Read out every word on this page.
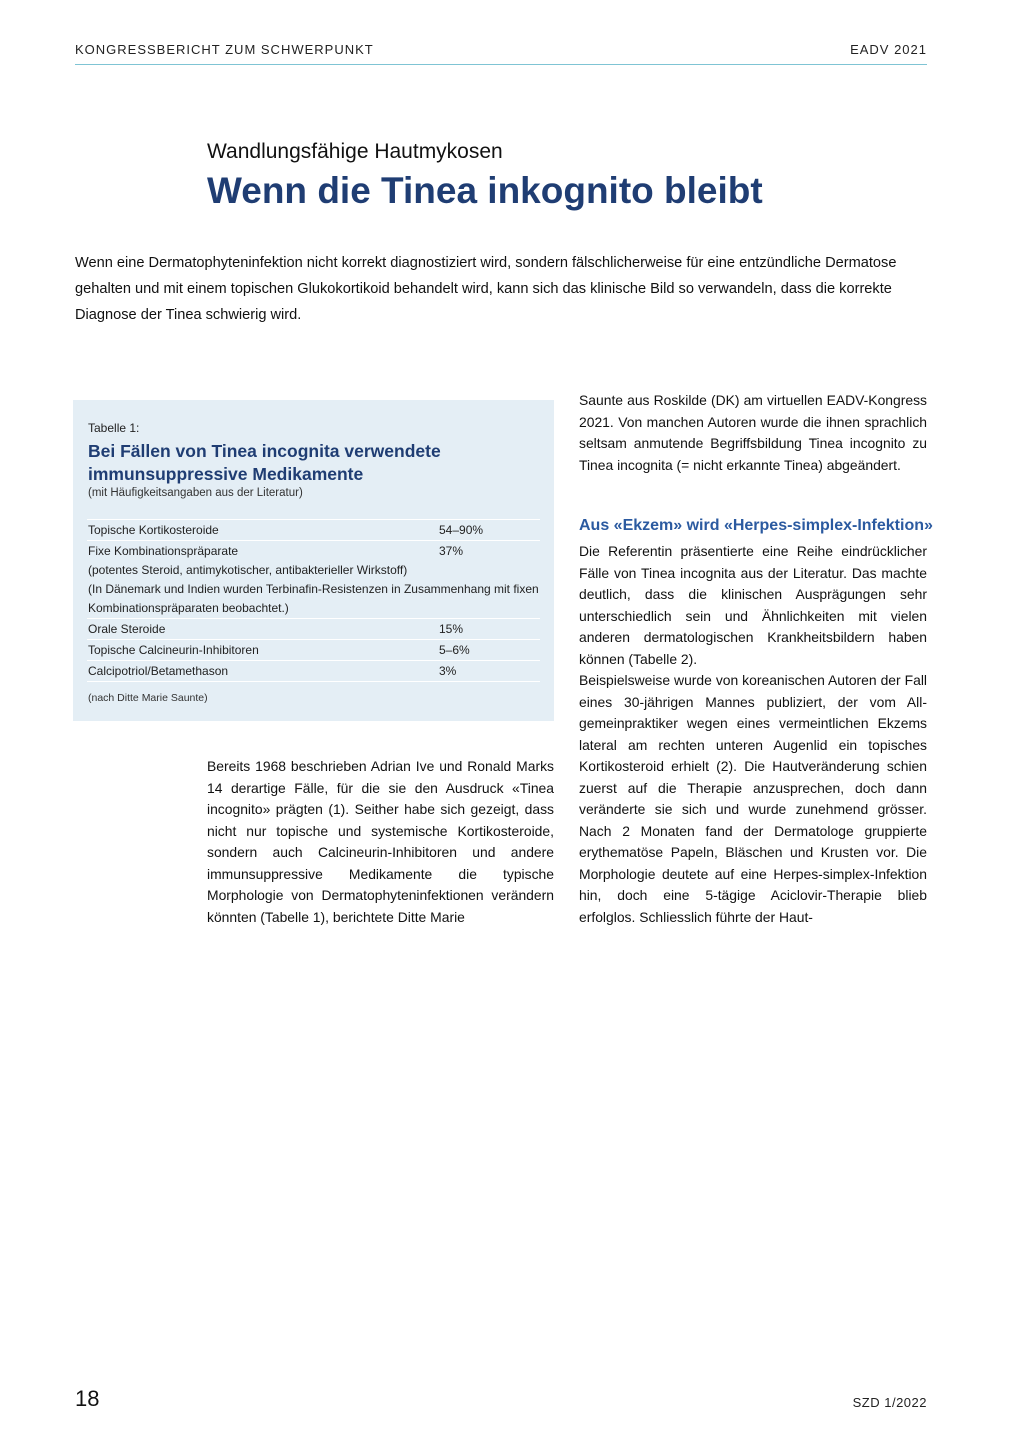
KONGRESSBERICHT ZUM SCHWERPUNKT	EADV 2021
Wandlungsfähige Hautmykosen
Wenn die Tinea inkognito bleibt
Wenn eine Dermatophyteninfektion nicht korrekt diagnostiziert wird, sondern fälschlicherweise für eine entzündliche Dermatose gehalten und mit einem topischen Glukokortikoid behandelt wird, kann sich das klinische Bild so verwandeln, dass die korrekte Diagnose der Tinea schwierig wird.
Tabelle 1:
Bei Fällen von Tinea incognita verwendete immunsuppressive Medikamente
(mit Häufigkeitsangaben aus der Literatur)
Topische Kortikosteroide	54–90%
Fixe Kombinationspräparate	37%
(potentes Steroid, antimykotischer, antibakterieller Wirkstoff)
(In Dänemark und Indien wurden Terbinafin-Resistenzen in Zusammenhang mit fixen Kombinationspräparaten beobachtet.)
Orale Steroide	15%
Topische Calcineurin-Inhibitoren	5–6%
Calcipotriol/Betamethason	3%
(nach Ditte Marie Saunte)

Bereits 1968 beschrieben Adrian Ive und Ronald Marks 14 derartige Fälle, für die sie den Ausdruck «Tinea incognito» prägten (1). Seither habe sich gezeigt, dass nicht nur topische und systemische Kortikosteroide, sondern auch Calcineurin-Inhibitoren und andere immunsuppressive Medikamente die typische Morphologie von Dermatophyteninfektionen verändern könnten (Tabelle 1), berichtete Ditte Marie

Saunte aus Roskilde (DK) am virtuellen EADV-Kongress 2021. Von manchen Autoren wurde die ihnen sprachlich seltsam anmutende Begriffsbildung Tinea incognito zu Tinea incognita (= nicht erkannte Tinea) abgeändert.

Aus «Ekzem» wird «Herpes-simplex-Infektion»

Die Referentin präsentierte eine Reihe eindrücklicher Fälle von Tinea incognita aus der Literatur. Das machte deutlich, dass die klinischen Ausprägungen sehr unterschiedlich sein und Ähnlichkeiten mit vielen anderen dermatologischen Krankheitsbildern haben können (Tabelle 2).

Beispielsweise wurde von koreanischen Autoren der Fall eines 30-jährigen Mannes publiziert, der vom Allgemeinpraktiker wegen eines vermeintlichen Ekzems lateral am rechten unteren Augenlid ein topisches Kortikosteroid erhielt (2). Die Hautveränderung schien zuerst auf die Therapie anzusprechen, doch dann veränderte sie sich und wurde zunehmend grösser. Nach 2 Monaten fand der Dermatologe gruppierte erythematöse Papeln, Bläschen und Krusten vor. Die Morphologie deutete auf eine Herpes-simplex-Infektion hin, doch eine 5-tägige Aciclovir-Therapie blieb erfolglos. Schliesslich führte der Haut-

18	SZD 1/2022
